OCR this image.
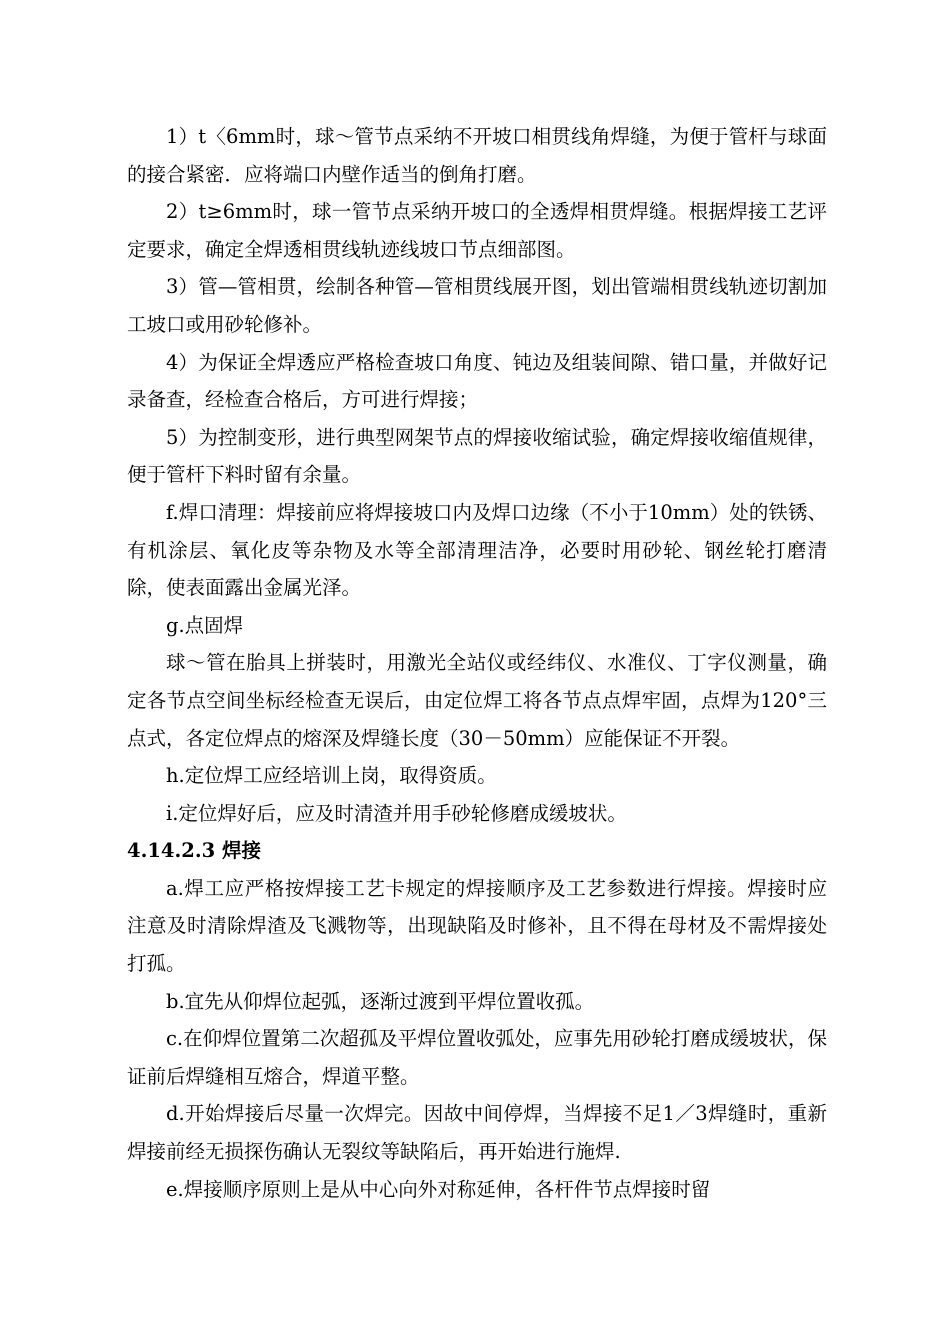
1）t〈6mm时，球～管节点采纳不开坡口相贯线角焊缝，为便于管杆与球面的接合紧密．应将端口内壁作适当的倒角打磨。

2）t≥6mm时，球一管节点采纳开坡口的全透焊相贯焊缝。根据焊接工艺评定要求，确定全焊透相贯线轨迹线坡口节点细部图。

3）管—管相贯，绘制各种管—管相贯线展开图，划出管端相贯线轨迹切割加工坡口或用砂轮修补。

4）为保证全焊透应严格检查坡口角度、钝边及组装间隙、错口量，并做好记录备查，经检查合格后，方可进行焊接；

5）为控制变形，进行典型网架节点的焊接收缩试验，确定焊接收缩值规律，便于管杆下料时留有余量。

f.焊口清理：焊接前应将焊接坡口内及焊口边缘（不小于10mm）处的铁锈、有机涂层、氧化皮等杂物及水等全部清理洁净，必要时用砂轮、钢丝轮打磨清除，使表面露出金属光泽。

g.点固焊

球～管在胎具上拼装时，用激光全站仪或经纬仪、水准仪、丁字仪测量，确定各节点空间坐标经检查无误后，由定位焊工将各节点点焊牢固，点焊为120°三点式，各定位焊点的熔深及焊缝长度（30－50mm）应能保证不开裂。

h.定位焊工应经培训上岗，取得资质。

i.定位焊好后，应及时清渣并用手砂轮修磨成缓坡状。

4.14.2.3 焊接

a.焊工应严格按焊接工艺卡规定的焊接顺序及工艺参数进行焊接。焊接时应注意及时清除焊渣及飞溅物等，出现缺陷及时修补，且不得在母材及不需焊接处打孤。

b.宜先从仰焊位起弧，逐渐过渡到平焊位置收孤。

c.在仰焊位置第二次超孤及平焊位置收弧处，应事先用砂轮打磨成缓坡状，保证前后焊缝相互熔合，焊道平整。

d.开始焊接后尽量一次焊完。因故中间停焊，当焊接不足1／3焊缝时，重新焊接前经无损探伤确认无裂纹等缺陷后，再开始进行施焊.

e.焊接顺序原则上是从中心向外对称延伸，各杆件节点焊接时留
